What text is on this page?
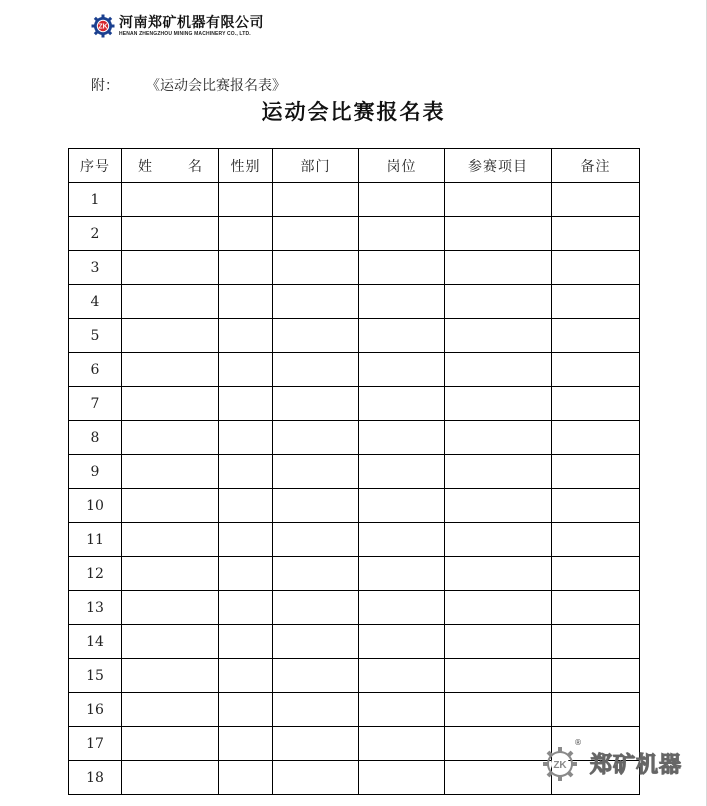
ZK 河南郑矿机器有限公司
HENAN ZHENGZHOU MINING MACHINERY CO., LTD.
附： 《运动会比赛报名表》
运动会比赛报名表
序号	姓 名	性别	部门	岗位	参赛项目	备注
1						
2						
3						
4						
5						
6						
7						
8						
9						
10						
11						
12						
13						
14						
15						
16						
17						
18						
ZK
®
郑矿机器
